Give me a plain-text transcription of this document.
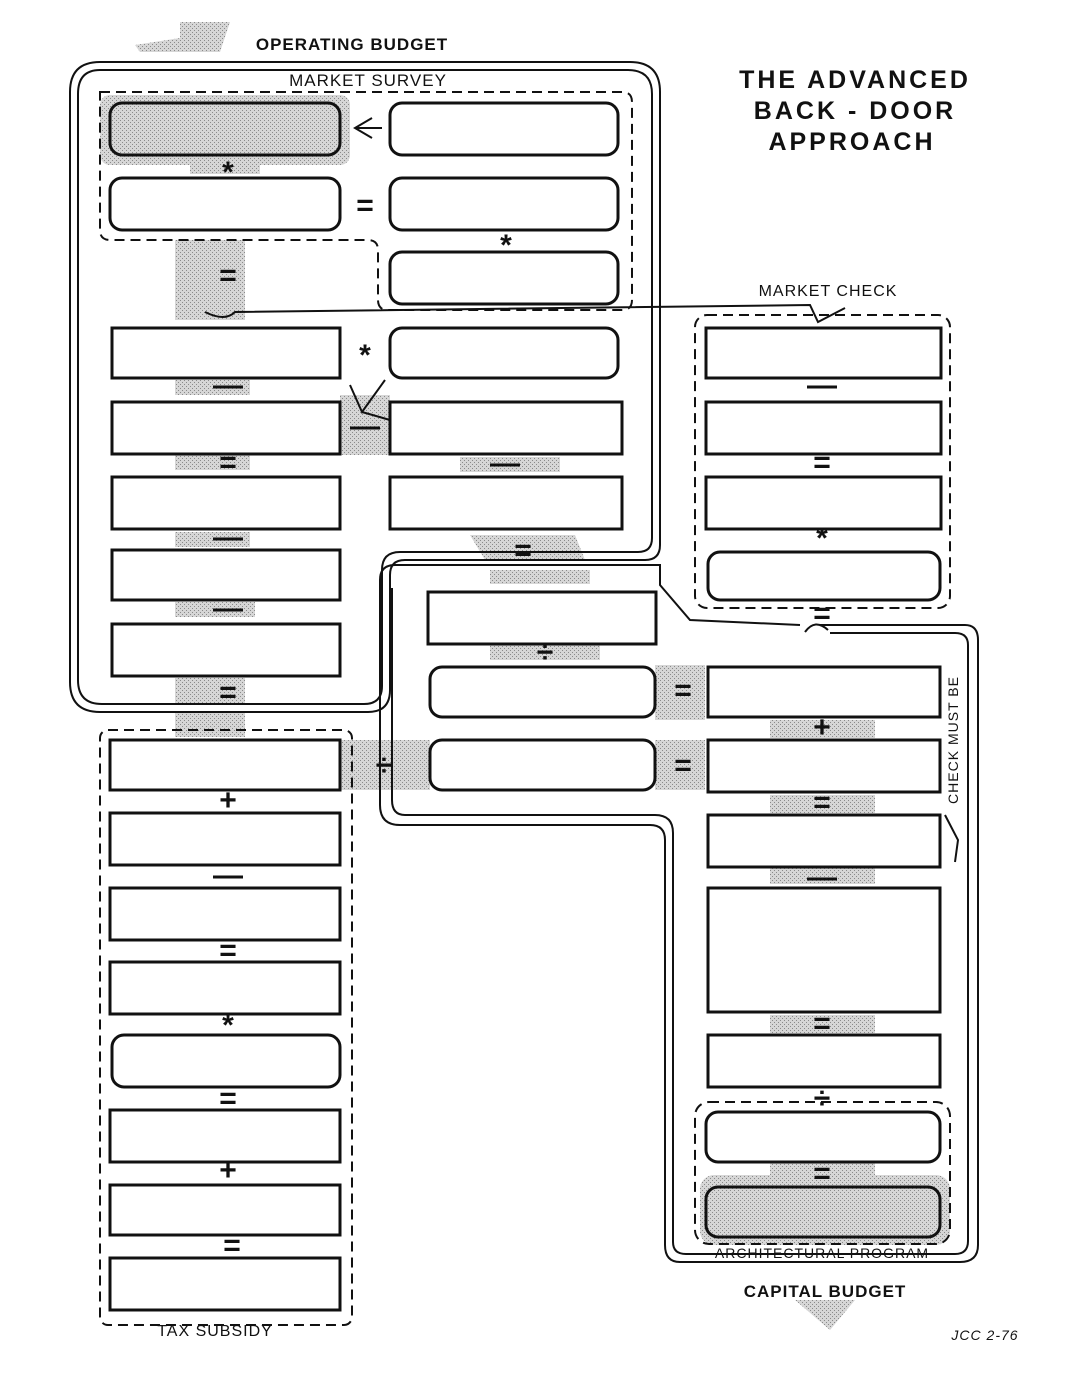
THE ADVANCED
BACK - DOOR
APPROACH
*
=
*
=
*
—
—
=	—
—
—
=
=
—
=
*
=
÷
=
÷	=
+
—
=
*
=
+
=
+
=
—
=
÷
=
OPERATING BUDGET
MARKET SURVEY
MARKET CHECK
CHECK MUST BE
TAX SUBSIDY
ARCHITECTURAL PROGRAM
CAPITAL BUDGET
JCC 2-76
